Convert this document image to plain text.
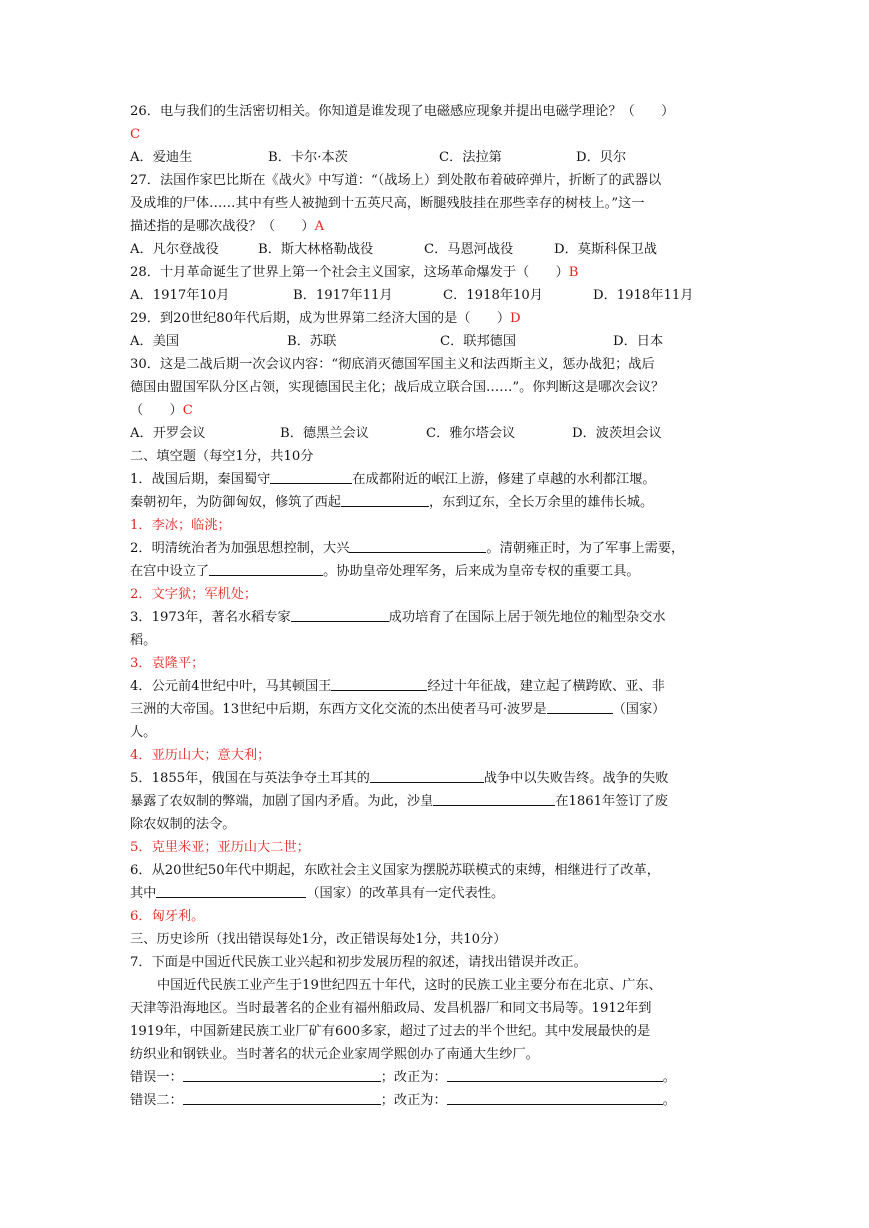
26．电与我们的生活密切相关。你知道是谁发现了电磁感应现象并提出电磁学理论？（　　）
C
A．爱迪生	B．卡尔·本茨	C．法拉第	D．贝尔
27．法国作家巴比斯在《战火》中写道：“（战场上）到处散布着破碎弹片，折断了的武器以
及成堆的尸体……其中有些人被抛到十五英尺高，断腿残肢挂在那些幸存的树枝上。”这一
描述指的是哪次战役？（　　）A
A．凡尔登战役	B．斯大林格勒战役	C．马恩河战役	D．莫斯科保卫战
28．十月革命诞生了世界上第一个社会主义国家，这场革命爆发于（　　）B
A．1917年10月	B．1917年11月	C．1918年10月	D．1918年11月
29．到20世纪80年代后期，成为世界第二经济大国的是（　　）D
A．美国	B．苏联	C．联邦德国	D．日本
30．这是二战后期一次会议内容：“彻底消灭德国军国主义和法西斯主义，惩办战犯；战后
德国由盟国军队分区占领，实现德国民主化；战后成立联合国……”。你判断这是哪次会议？
（　　）C
A．开罗会议	B．德黑兰会议	C．雅尔塔会议	D．波茨坦会议
二、填空题（每空1分，共10分
1．战国后期，秦国蜀守	在成都附近的岷江上游，修建了卓越的水利都江堰。
秦朝初年，为防御匈奴，修筑了西起	，东到辽东，全长万余里的雄伟长城。
1．李冰；临洮；
2．明清统治者为加强思想控制，大兴	。清朝雍正时，为了军事上需要，
在宫中设立了	。协助皇帝处理军务，后来成为皇帝专权的重要工具。
2．文字狱；军机处；
3．1973年，著名水稻专家	成功培育了在国际上居于领先地位的籼型杂交水
稻。
3．袁隆平；
4．公元前4世纪中叶，马其顿国王	经过十年征战，建立起了横跨欧、亚、非
三洲的大帝国。13世纪中后期，东西方文化交流的杰出使者马可·波罗是	（国家）
人。
4．亚历山大；意大利；
5．1855年，俄国在与英法争夺土耳其的	战争中以失败告终。战争的失败
暴露了农奴制的弊端，加剧了国内矛盾。为此，沙皇	在1861年签订了废
除农奴制的法令。
5．克里米亚；亚历山大二世；
6．从20世纪50年代中期起，东欧社会主义国家为摆脱苏联模式的束缚，相继进行了改革，
其中	（国家）的改革具有一定代表性。
6．匈牙利。
三、历史诊所（找出错误每处1分，改正错误每处1分，共10分）
7．下面是中国近代民族工业兴起和初步发展历程的叙述，请找出错误并改正。
中国近代民族工业产生于19世纪四五十年代，这时的民族工业主要分布在北京、广东、
天津等沿海地区。当时最著名的企业有福州船政局、发昌机器厂和同文书局等。1912年到
1919年，中国新建民族工业厂矿有600多家，超过了过去的半个世纪。其中发展最快的是
纺织业和钢铁业。当时著名的状元企业家周学熙创办了南通大生纱厂。
错误一：	；改正为：	。
错误二：	；改正为：	。
